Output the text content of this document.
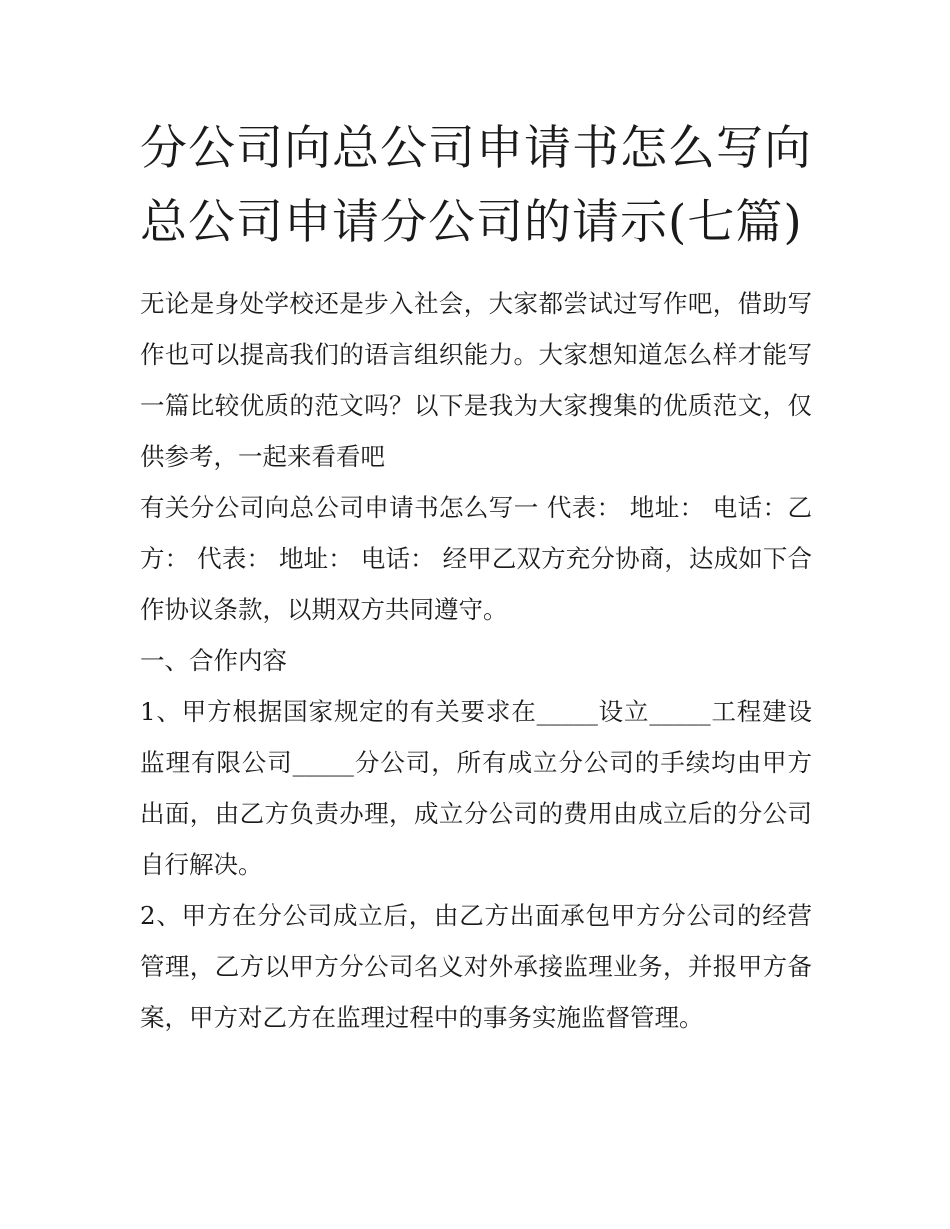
分公司向总公司申请书怎么写向总公司申请分公司的请示(七篇)

无论是身处学校还是步入社会，大家都尝试过写作吧，借助写作也可以提高我们的语言组织能力。大家想知道怎么样才能写一篇比较优质的范文吗？以下是我为大家搜集的优质范文，仅供参考，一起来看看吧

有关分公司向总公司申请书怎么写一 代表： 地址： 电话：乙方： 代表： 地址： 电话： 经甲乙双方充分协商，达成如下合作协议条款，以期双方共同遵守。

一、合作内容

1、甲方根据国家规定的有关要求在_____设立_____工程建设监理有限公司_____分公司，所有成立分公司的手续均由甲方出面，由乙方负责办理，成立分公司的费用由成立后的分公司自行解决。

2、甲方在分公司成立后，由乙方出面承包甲方分公司的经营管理，乙方以甲方分公司名义对外承接监理业务，并报甲方备案，甲方对乙方在监理过程中的事务实施监督管理。
